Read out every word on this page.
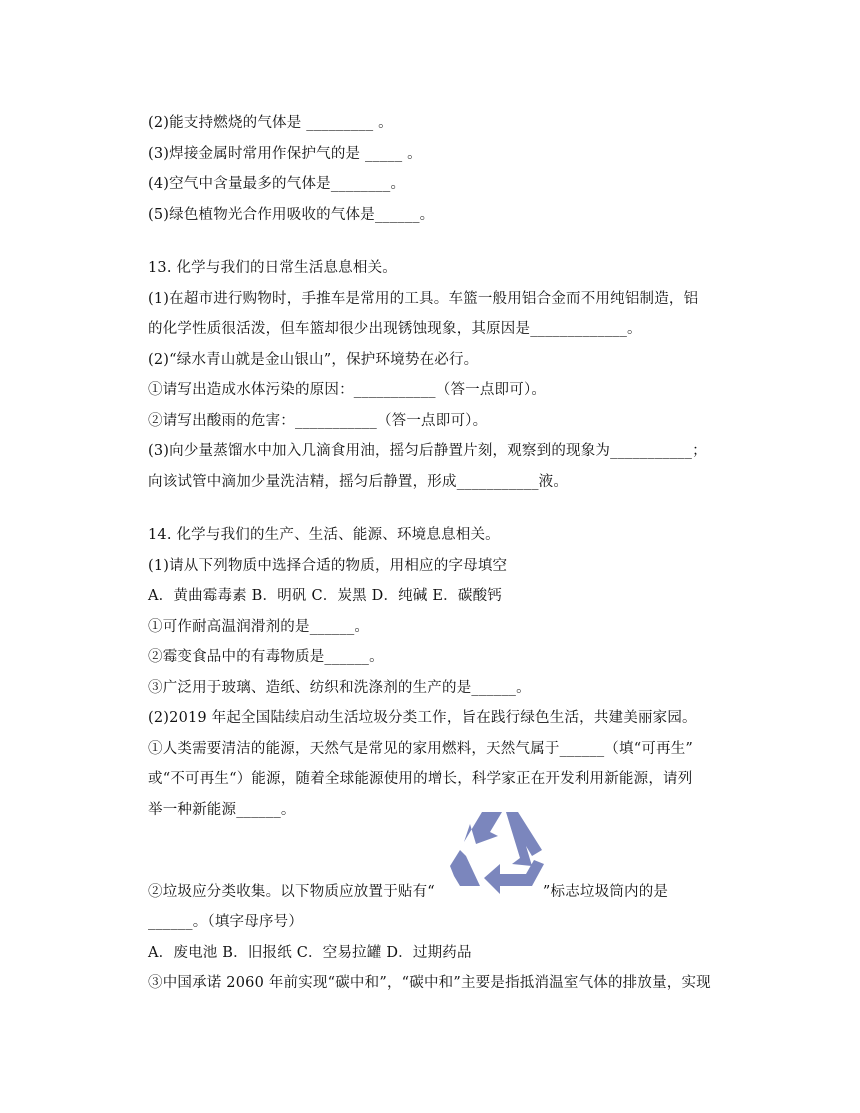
(2)能支持燃烧的气体是 _________ 。
(3)焊接金属时常用作保护气的是 _____ 。
(4)空气中含量最多的气体是________。
(5)绿色植物光合作用吸收的气体是______。
13. 化学与我们的日常生活息息相关。
(1)在超市进行购物时，手推车是常用的工具。车篮一般用铝合金而不用纯铝制造，铝
的化学性质很活泼，但车篮却很少出现锈蚀现象，其原因是_____________。
(2)“绿水青山就是金山银山”，保护环境势在必行。
①请写出造成水体污染的原因：___________（答一点即可）。
②请写出酸雨的危害：___________（答一点即可）。
(3)向少量蒸馏水中加入几滴食用油，摇匀后静置片刻，观察到的现象为___________；
向该试管中滴加少量洗洁精，摇匀后静置，形成___________液。
14. 化学与我们的生产、生活、能源、环境息息相关。
(1)请从下列物质中选择合适的物质，用相应的字母填空
A．黄曲霉毒素 B．明矾 C．炭黑 D．纯碱 E．碳酸钙
①可作耐高温润滑剂的是______。
②霉变食品中的有毒物质是______。
③广泛用于玻璃、造纸、纺织和洗涤剂的生产的是______。
(2)2019 年起全国陆续启动生活垃圾分类工作，旨在践行绿色生活，共建美丽家园。
①人类需要清洁的能源，天然气是常见的家用燃料，天然气属于______（填“可再生”
或“不可再生“）能源，随着全球能源使用的增长，科学家正在开发利用新能源，请列
举一种新能源______。
②垃圾应分类收集。以下物质应放置于贴有“	”标志垃圾筒内的是
______。（填字母序号）
A．废电池 B．旧报纸 C．空易拉罐 D．过期药品
③中国承诺 2060 年前实现“碳中和”，“碳中和”主要是指抵消温室气体的排放量，实现
